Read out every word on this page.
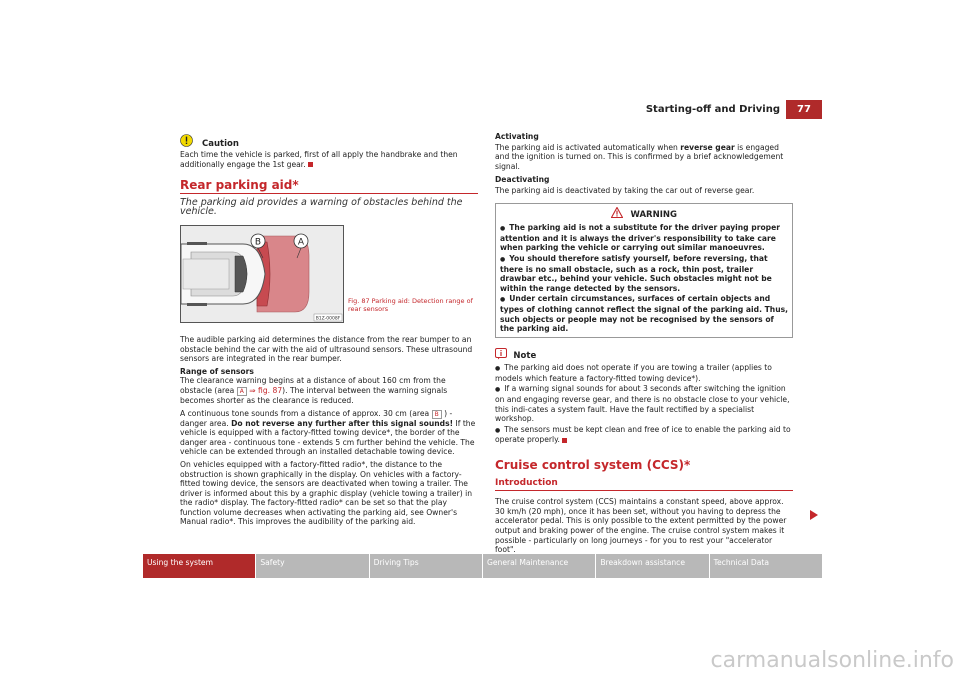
Starting-off and Driving	77
Caution

Each time the vehicle is parked, first of all apply the handbrake and then additionally engage the 1st gear.

Rear parking aid*
The parking aid provides a warning of obstacles behind the vehicle.
B	A
B1Z-0008F
Fig. 87 Parking aid: Detection range of rear sensors

The audible parking aid determines the distance from the rear bumper to an obstacle behind the car with the aid of ultrasound sensors. These ultrasound sensors are integrated in the rear bumper.

Range of sensors

The clearance warning begins at a distance of about 160 cm from the obstacle (area A ⇒ fig. 87). The interval between the warning signals becomes shorter as the clearance is reduced.

A continuous tone sounds from a distance of approx. 30 cm (area B ) - danger area. Do not reverse any further after this signal sounds! If the vehicle is equipped with a factory-fitted towing device*, the border of the danger area - continuous tone - extends 5 cm further behind the vehicle. The vehicle can be extended through an installed detachable towing device.

On vehicles equipped with a factory-fitted radio*, the distance to the obstruction is shown graphically in the display. On vehicles with a factory-fitted towing device, the sensors are deactivated when towing a trailer. The driver is informed about this by a graphic display (vehicle towing a trailer) in the radio* display. The factory-fitted radio* can be set so that the play function volume decreases when activating the parking aid, see Owner's Manual radio*. This improves the audibility of the parking aid.

Activating

The parking aid is activated automatically when reverse gear is engaged and the ignition is turned on. This is confirmed by a brief acknowledgement signal.

Deactivating

The parking aid is deactivated by taking the car out of reverse gear.

WARNING
● The parking aid is not a substitute for the driver paying proper attention and it is always the driver's responsibility to take care when parking the vehicle or carrying out similar manoeuvres.
● You should therefore satisfy yourself, before reversing, that there is no small obstacle, such as a rock, thin post, trailer drawbar etc., behind your vehicle. Such obstacles might not be within the range detected by the sensors.
● Under certain circumstances, surfaces of certain objects and types of clothing cannot reflect the signal of the parking aid. Thus, such objects or people may not be recognised by the sensors of the parking aid.
Note
● The parking aid does not operate if you are towing a trailer (applies to models which feature a factory-fitted towing device*).
● If a warning signal sounds for about 3 seconds after switching the ignition on and engaging reverse gear, and there is no obstacle close to your vehicle, this indi-cates a system fault. Have the fault rectified by a specialist workshop.
● The sensors must be kept clean and free of ice to enable the parking aid to operate properly.
Cruise control system (CCS)*
Introduction

The cruise control system (CCS) maintains a constant speed, above approx. 30 km/h (20 mph), once it has been set, without you having to depress the accelerator pedal. This is only possible to the extent permitted by the power output and braking power of the engine. The cruise control system makes it possible - particularly on long journeys - for you to rest your "accelerator foot".

Using the system	Safety	Driving Tips	General Maintenance	Breakdown assistance	Technical Data
carmanualsonline.info
